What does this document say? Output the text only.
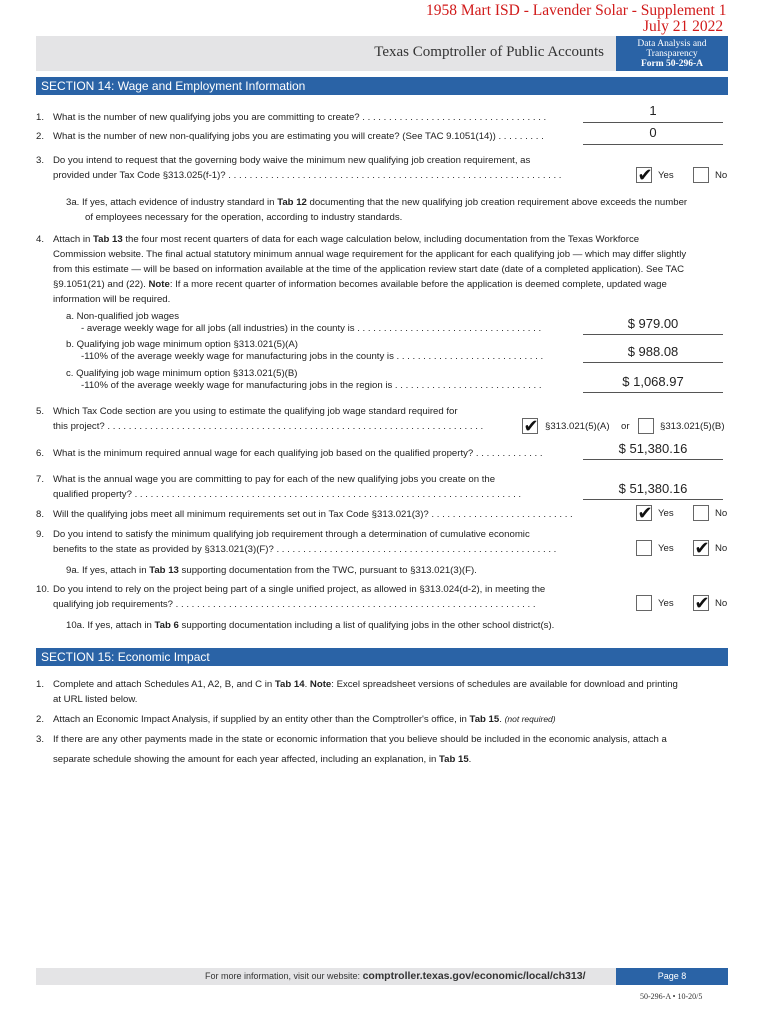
1958 Mart ISD - Lavender Solar - Supplement 1
July 21 2022
Texas Comptroller of Public Accounts	Data Analysis and
Transparency
Form 50-296-A
SECTION 14: Wage and Employment Information
1. What is the number of new qualifying jobs you are committing to create? . . . . . . . . . . . . . . . . . . . . . . . . . . . . . . . . . . .	1
2. What is the number of new non-qualifying jobs you are estimating you will create? (See TAC 9.1051(14)) . . . . . . . . .	0
3. Do you intend to request that the governing body waive the minimum new qualifying job creation requirement, as
provided under Tax Code §313.025(f-1)? . . . . . . . . . . . . . . . . . . . . . . . . . . . . . . . . . . . . . . . . . . . . . . . . . . . . . . . . . . . . . . .	✔ Yes	No
3a. If yes, attach evidence of industry standard in Tab 12 documenting that the new qualifying job creation requirement above exceeds the number
of employees necessary for the operation, according to industry standards.
4. Attach in Tab 13 the four most recent quarters of data for each wage calculation below, including documentation from the Texas Workforce
Commission website. The final actual statutory minimum annual wage requirement for the applicant for each qualifying job — which may differ slightly
from this estimate — will be based on information available at the time of the application review start date (date of a completed application). See TAC
§9.1051(21) and (22). Note: If a more recent quarter of information becomes available before the application is deemed complete, updated wage
information will be required.
a. Non-qualified job wages
- average weekly wage for all jobs (all industries) in the county is . . . . . . . . . . . . . . . . . . . . . . . . . . . . . . . . . . .	$ 979.00
b. Qualifying job wage minimum option §313.021(5)(A)
-110% of the average weekly wage for manufacturing jobs in the county is . . . . . . . . . . . . . . . . . . . . . . . . . . . .	$ 988.08
c. Qualifying job wage minimum option §313.021(5)(B)
-110% of the average weekly wage for manufacturing jobs in the region is . . . . . . . . . . . . . . . . . . . . . . . . . . . .	$ 1,068.97
5. Which Tax Code section are you using to estimate the qualifying job wage standard required for
this project? . . . . . . . . . . . . . . . . . . . . . . . . . . . . . . . . . . . . . . . . . . . . . . . . . . . . . . . . . . . . . . . . . . . . . . . ✔ §313.021(5)(A) or	§313.021(5)(B)
6. What is the minimum required annual wage for each qualifying job based on the qualified property? . . . . . . . . . . . . .	$ 51,380.16
7. What is the annual wage you are committing to pay for each of the new qualifying jobs you create on the
qualified property? . . . . . . . . . . . . . . . . . . . . . . . . . . . . . . . . . . . . . . . . . . . . . . . . . . . . . . . . . . . . . . . . . . . . . . . . .	$ 51,380.16
8. Will the qualifying jobs meet all minimum requirements set out in Tax Code §313.021(3)? . . . . . . . . . . . . . . . . . . . . . . . . . . .	✔ Yes	No
9. Do you intend to satisfy the minimum qualifying job requirement through a determination of cumulative economic
benefits to the state as provided by §313.021(3)(F)? . . . . . . . . . . . . . . . . . . . . . . . . . . . . . . . . . . . . . . . . . . . . . . . . . . . . .	Yes ✔ No
9a. If yes, attach in Tab 13 supporting documentation from the TWC, pursuant to §313.021(3)(F).
10. Do you intend to rely on the project being part of a single unified project, as allowed in §313.024(d-2), in meeting the
qualifying job requirements? . . . . . . . . . . . . . . . . . . . . . . . . . . . . . . . . . . . . . . . . . . . . . . . . . . . . . . . . . . . . . . . . . . . .	Yes ✔ No
10a. If yes, attach in Tab 6 supporting documentation including a list of qualifying jobs in the other school district(s).
SECTION 15: Economic Impact
1. Complete and attach Schedules A1, A2, B, and C in Tab 14. Note: Excel spreadsheet versions of schedules are available for download and printing
at URL listed below.
2. Attach an Economic Impact Analysis, if supplied by an entity other than the Comptroller's office, in Tab 15. (not required)
3. If there are any other payments made in the state or economic information that you believe should be included in the economic analysis, attach a
separate schedule showing the amount for each year affected, including an explanation, in Tab 15.
For more information, visit our website: comptroller.texas.gov/economic/local/ch313/	Page 8
50-296-A • 10-20/5
